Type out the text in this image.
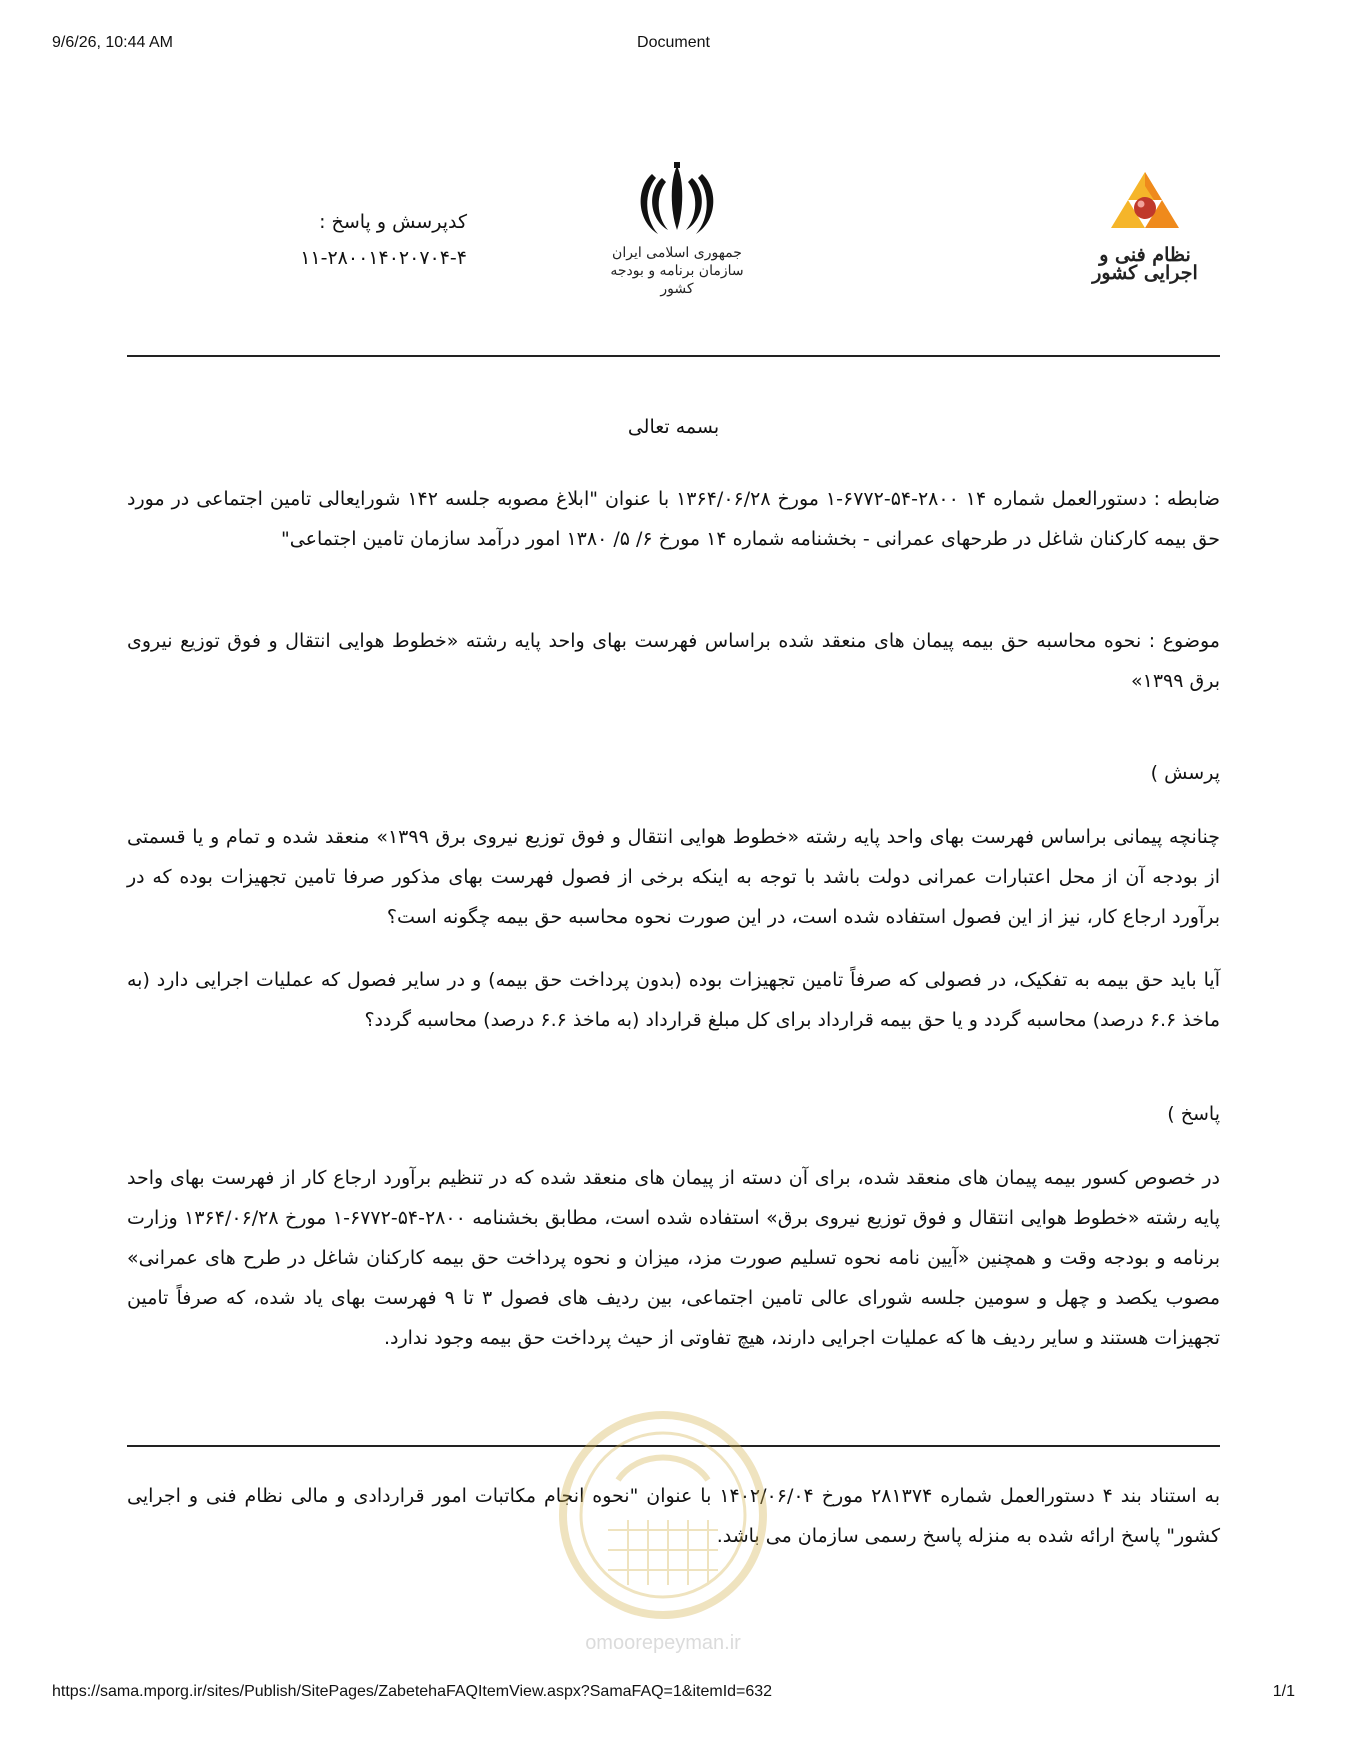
9/6/26, 10:44 AM	Document
کدپرسش و پاسخ :
۱۱-۲۸۰۰۱۴۰۲۰۷۰۴-۴	جمهوری اسلامی ایران
سازمان برنامه و بودجه کشور
نظام فنی و اجرایی کشور

بسمه تعالی

ضابطه : دستورالعمل شماره ۱۴ ۲۸۰۰-۵۴-۶۷۷۲-۱ مورخ ۱۳۶۴/۰۶/۲۸ با عنوان "ابلاغ مصوبه جلسه ۱۴۲ شورایعالی تامین اجتماعی در مورد حق بیمه کارکنان شاغل در طرحهای عمرانی - بخشنامه شماره ۱۴ مورخ ۶/ ۵/ ۱۳۸۰ امور درآمد سازمان تامین اجتماعی"

موضوع : نحوه محاسبه حق بیمه پیمان های منعقد شده براساس فهرست بهای واحد پایه رشته «خطوط هوایی انتقال و فوق توزیع نیروی برق ۱۳۹۹»

پرسش )

چنانچه پیمانی براساس فهرست بهای واحد پایه رشته «خطوط هوایی انتقال و فوق توزیع نیروی برق ۱۳۹۹» منعقد شده و تمام و یا قسمتی از بودجه آن از محل اعتبارات عمرانی دولت باشد با توجه به اینکه برخی از فصول فهرست بهای مذکور صرفا تامین تجهیزات بوده که در برآورد ارجاع کار، نیز از این فصول استفاده شده است، در این صورت نحوه محاسبه حق بیمه چگونه است؟

آیا باید حق بیمه به تفکیک، در فصولی که صرفاً تامین تجهیزات بوده (بدون پرداخت حق بیمه) و در سایر فصول که عملیات اجرایی دارد (به ماخذ ۶.۶ درصد) محاسبه گردد و یا حق بیمه قرارداد برای کل مبلغ قرارداد (به ماخذ ۶.۶ درصد) محاسبه گردد؟

پاسخ )

در خصوص کسور بیمه پیمان های منعقد شده، برای آن دسته از پیمان های منعقد شده که در تنظیم برآورد ارجاع کار از فهرست بهای واحد پایه رشته «خطوط هوایی انتقال و فوق توزیع نیروی برق» استفاده شده است، مطابق بخشنامه ۲۸۰۰-۵۴-۶۷۷۲-۱ مورخ ۱۳۶۴/۰۶/۲۸ وزارت برنامه و بودجه وقت و همچنین «آیین نامه نحوه تسلیم صورت مزد، میزان و نحوه پرداخت حق بیمه کارکنان شاغل در طرح های عمرانی» مصوب یکصد و چهل و سومین جلسه شورای عالی تامین اجتماعی، بین ردیف های فصول ۳ تا ۹ فهرست بهای یاد شده، که صرفاً تامین تجهیزات هستند و سایر ردیف ها که عملیات اجرایی دارند، هیچ تفاوتی از حیث پرداخت حق بیمه وجود ندارد.

به استناد بند ۴ دستورالعمل شماره ۲۸۱۳۷۴ مورخ ۱۴۰۲/۰۶/۰۴ با عنوان "نحوه انجام مکاتبات امور قراردادی و مالی نظام فنی و اجرایی کشور" پاسخ ارائه شده به منزله پاسخ رسمی سازمان می باشد.

omoorepeyman.ir
https://sama.mporg.ir/sites/Publish/SitePages/ZabetehaFAQItemView.aspx?SamaFAQ=1&itemId=632	1/1
